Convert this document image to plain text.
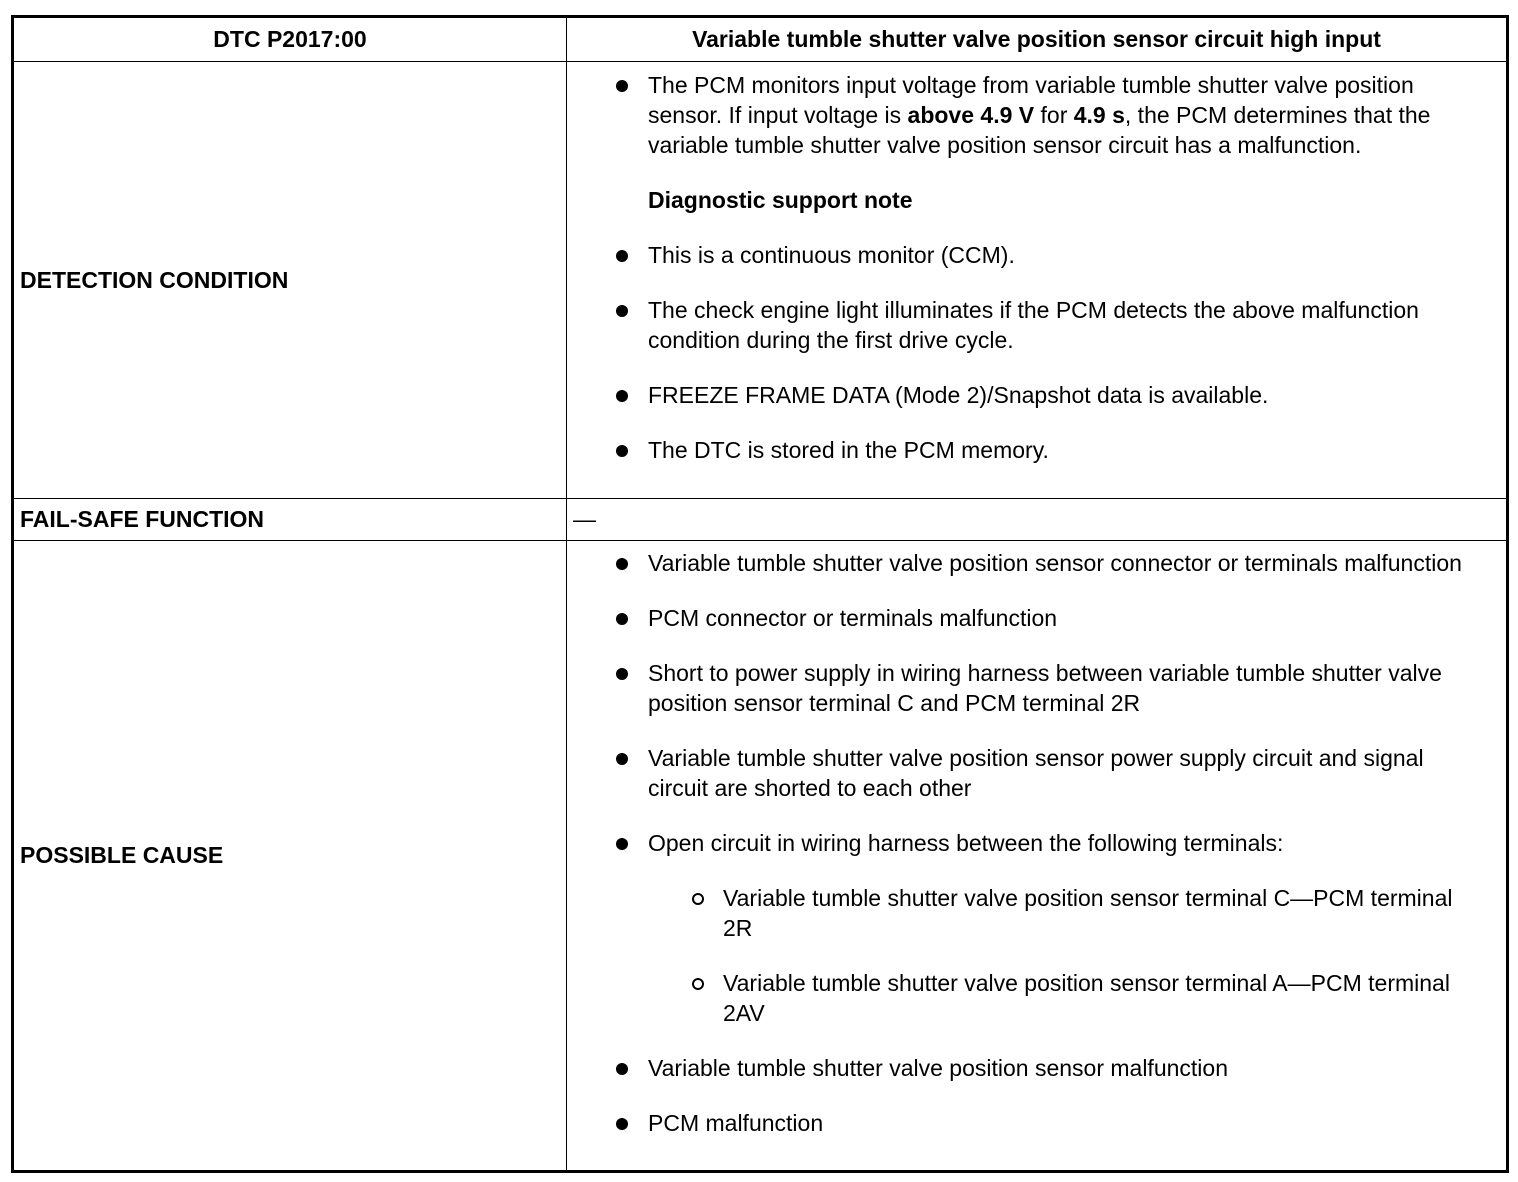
DTC P2017:00	Variable tumble shutter valve position sensor circuit high input
DETECTION CONDITION
The PCM monitors input voltage from variable tumble shutter valve position sensor. If input voltage is above 4.9 V for 4.9 s, the PCM determines that the variable tumble shutter valve position sensor circuit has a malfunction.
Diagnostic support note
This is a continuous monitor (CCM).
The check engine light illuminates if the PCM detects the above malfunction condition during the first drive cycle.
FREEZE FRAME DATA (Mode 2)/Snapshot data is available.
The DTC is stored in the PCM memory.
FAIL-SAFE FUNCTION	—
POSSIBLE CAUSE
Variable tumble shutter valve position sensor connector or terminals malfunction
PCM connector or terminals malfunction
Short to power supply in wiring harness between variable tumble shutter valve position sensor terminal C and PCM terminal 2R
Variable tumble shutter valve position sensor power supply circuit and signal circuit are shorted to each other
Open circuit in wiring harness between the following terminals:
Variable tumble shutter valve position sensor terminal C—PCM terminal 2R
Variable tumble shutter valve position sensor terminal A—PCM terminal 2AV
Variable tumble shutter valve position sensor malfunction
PCM malfunction
